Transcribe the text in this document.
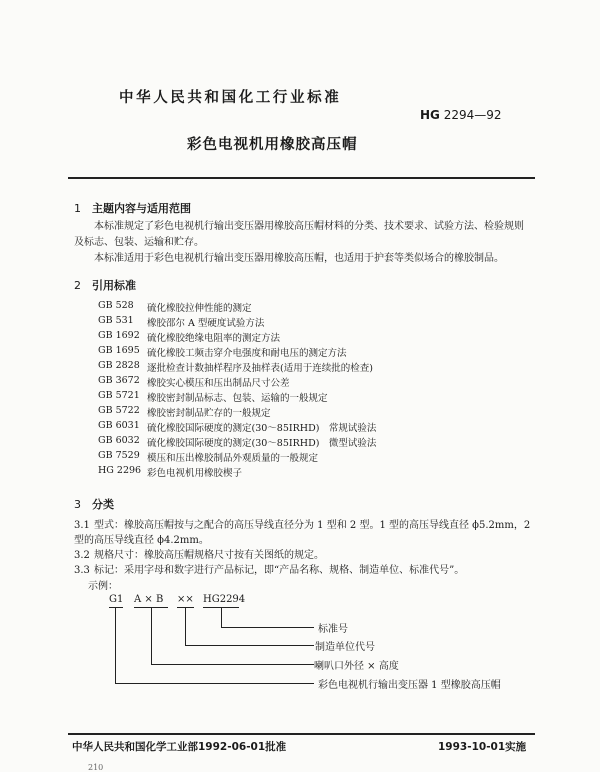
中华人民共和国化工行业标准
HG 2294—92
彩色电视机用橡胶高压帽
1 主题内容与适用范围
本标准规定了彩色电视机行输出变压器用橡胶高压帽材料的分类、技术要求、试验方法、检验规则
及标志、包装、运输和贮存。
本标准适用于彩色电视机行输出变压器用橡胶高压帽，也适用于护套等类似场合的橡胶制品。
2 引用标准
GB 528 硫化橡胶拉伸性能的测定
GB 531 橡胶邵尔 A 型硬度试验方法
GB 1692 硫化橡胶绝缘电阻率的测定方法
GB 1695 硫化橡胶工频击穿介电强度和耐电压的测定方法
GB 2828 逐批检查计数抽样程序及抽样表(适用于连续批的检查)
GB 3672 橡胶实心模压和压出制品尺寸公差
GB 5721 橡胶密封制品标志、包装、运输的一般规定
GB 5722 橡胶密封制品贮存的一般规定
GB 6031 硫化橡胶国际硬度的测定(30～85IRHD)　常规试验法
GB 6032 硫化橡胶国际硬度的测定(30～85IRHD)　微型试验法
GB 7529 模压和压出橡胶制品外观质量的一般规定
HG 2296 彩色电视机用橡胶楔子
3 分类
3.1 型式：橡胶高压帽按与之配合的高压导线直径分为 1 型和 2 型。1 型的高压导线直径 ϕ5.2mm，2
型的高压导线直径 ϕ4.2mm。
3.2 规格尺寸：橡胶高压帽规格尺寸按有关图纸的规定。
3.3 标记：采用字母和数字进行产品标记，即“产品名称、规格、制造单位、标准代号”。
示例：
G1 A × B ×× HG2294
标准号
制造单位代号
喇叭口外径 × 高度
彩色电视机行输出变压器 1 型橡胶高压帽
中华人民共和国化学工业部1992-06-01批准	1993-10-01实施
210
